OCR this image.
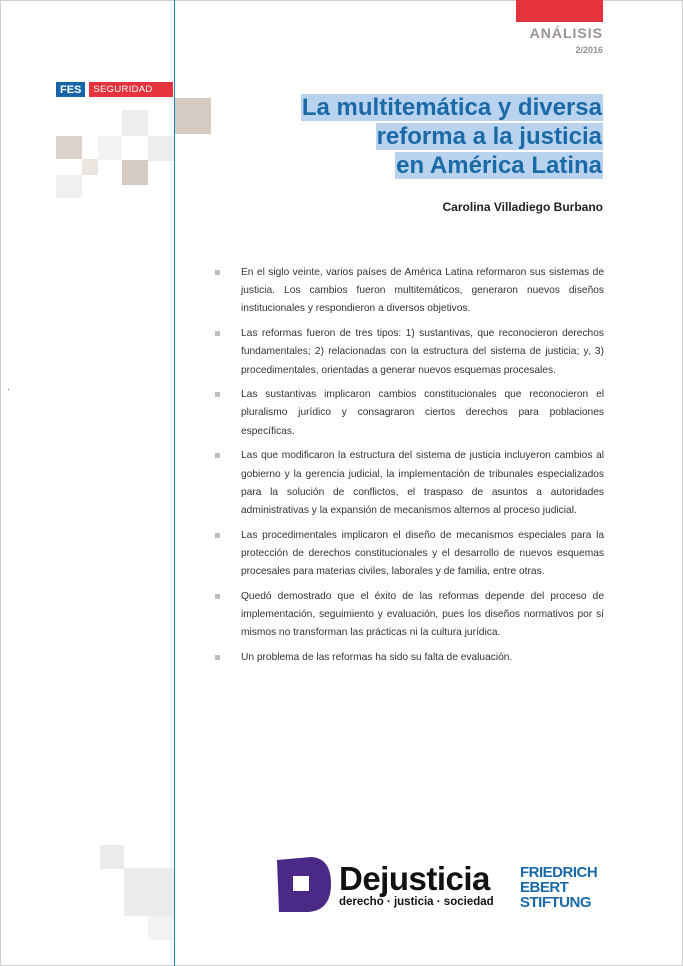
ANÁLISIS
2/2016
FES	SEGURIDAD
La multitemática y diversa
reforma a la justicia
en América Latina
Carolina Villadiego Burbano
En el siglo veinte, varios países de América Latina reformaron sus sistemas de justicia. Los cambios fueron multitemáticos, generaron nuevos diseños institucionales y respondieron a diversos objetivos.
Las reformas fueron de tres tipos: 1) sustantivas, que reconocieron derechos fundamentales; 2) relacionadas con la estructura del sistema de justicia; y, 3) procedimentales, orientadas a generar nuevos esquemas procesales.
Las sustantivas implicaron cambios constitucionales que reconocieron el pluralismo jurídico y consagraron ciertos derechos para poblaciones específicas.
Las que modificaron la estructura del sistema de justicia incluyeron cambios al gobierno y la gerencia judicial, la implementación de tribunales especializados para la solución de conflictos, el traspaso de asuntos a autoridades administrativas y la expansión de mecanismos alternos al proceso judicial.
Las procedimentales implicaron el diseño de mecanismos especiales para la protección de derechos constitucionales y el desarrollo de nuevos esquemas procesales para materias civiles, laborales y de familia, entre otras.
Quedó demostrado que el éxito de las reformas depende del proceso de implementación, seguimiento y evaluación, pues los diseños normativos por sí mismos no transforman las prácticas ni la cultura jurídica.
Un problema de las reformas ha sido su falta de evaluación.
Dejusticia
derecho · justicia · sociedad
FRIEDRICH
EBERT
STIFTUNG
